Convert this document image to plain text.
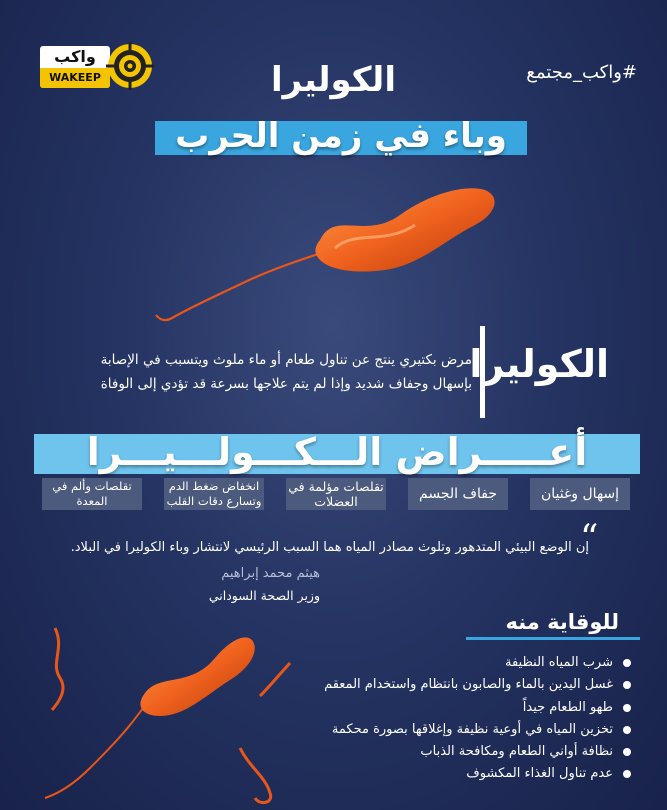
واكب
WAKEEP	#واكب_مجتمع
الكوليرا
وباء في زمن الحرب
الكوليرا
مرض بكتيري ينتج عن تناول طعام أو ماء ملوث ويتسبب في الإصابة بإسهال وجفاف شديد وإذا لم يتم علاجها بسرعة قد تؤدي إلى الوفاة
أعـــــراض الـــكـــولـــيـــرا
إسهال وغثيان
جفاف الجسم
تقلصات مؤلمة في العضلات
انخفاض ضغط الدم وتسارع دقات القلب
تقلصات وألم في المعدة
“
إن الوضع البيئي المتدهور وتلوث مصادر المياه هما السبب الرئيسي لانتشار وباء الكوليرا في البلاد.
هيثم محمد إبراهيم
وزير الصحة السوداني
للوقاية منه
شرب المياه النظيفة
غسل اليدين بالماء والصابون بانتظام واستخدام المعقم
طهو الطعام جيداً
تخزين المياه في أوعية نظيفة وإغلاقها بصورة محكمة
نظافة أواني الطعام ومكافحة الذباب
عدم تناول الغذاء المكشوف
